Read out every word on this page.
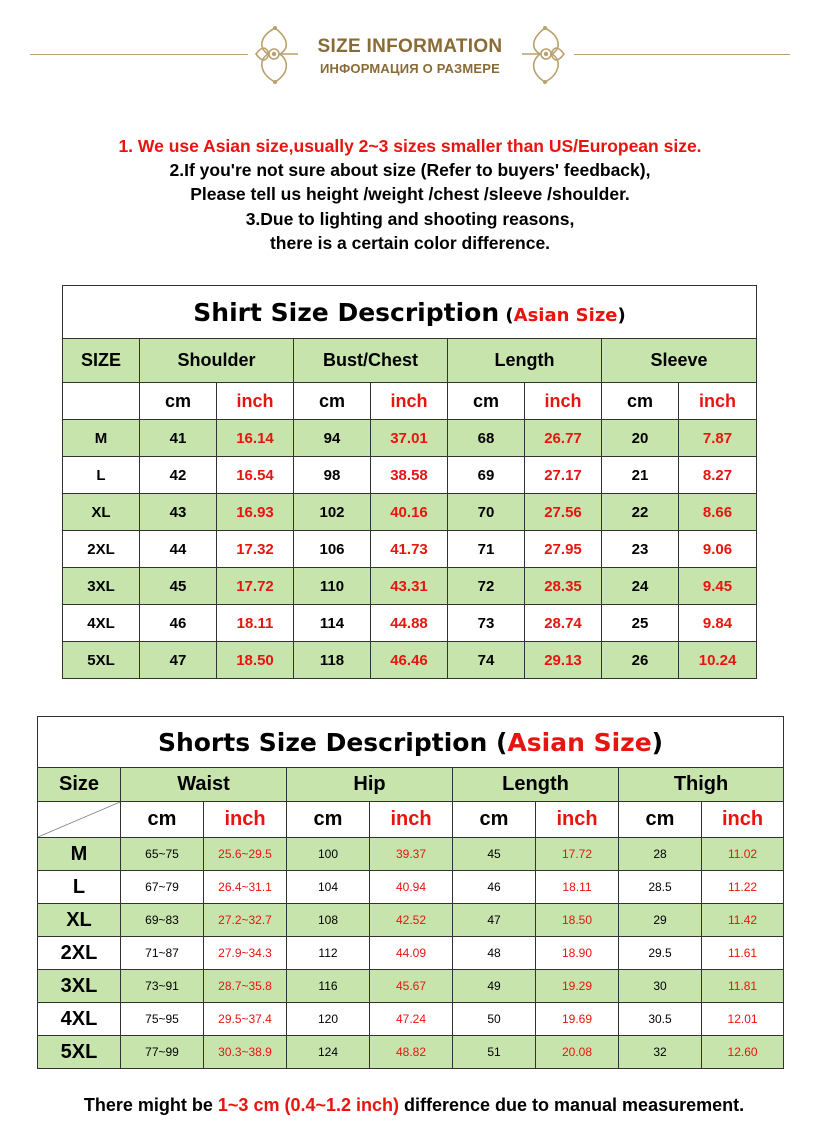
SIZE INFORMATION
ИНФОРМАЦИЯ О РАЗМЕРЕ
1. We use Asian size,usually 2~3 sizes smaller than US/European size.
2.If you're not sure about size (Refer to buyers' feedback),
Please tell us height /weight /chest /sleeve /shoulder.
3.Due to lighting and shooting reasons,
there is a certain color difference.
Shirt Size Description (Asian Size)								
SIZE	Shoulder		Bust/Chest		Length		Sleeve	
	cm	inch	cm	inch	cm	inch	cm	inch
M	41	16.14	94	37.01	68	26.77	20	7.87
L	42	16.54	98	38.58	69	27.17	21	8.27
XL	43	16.93	102	40.16	70	27.56	22	8.66
2XL	44	17.32	106	41.73	71	27.95	23	9.06
3XL	45	17.72	110	43.31	72	28.35	24	9.45
4XL	46	18.11	114	44.88	73	28.74	25	9.84
5XL	47	18.50	118	46.46	74	29.13	26	10.24
Shorts Size Description (Asian Size)								
Size	Waist		Hip		Length		Thigh	
	cm	inch	cm	inch	cm	inch	cm	inch
M	65~75	25.6~29.5	100	39.37	45	17.72	28	11.02
L	67~79	26.4~31.1	104	40.94	46	18.11	28.5	11.22
XL	69~83	27.2~32.7	108	42.52	47	18.50	29	11.42
2XL	71~87	27.9~34.3	112	44.09	48	18.90	29.5	11.61
3XL	73~91	28.7~35.8	116	45.67	49	19.29	30	11.81
4XL	75~95	29.5~37.4	120	47.24	50	19.69	30.5	12.01
5XL	77~99	30.3~38.9	124	48.82	51	20.08	32	12.60
There might be 1~3 cm (0.4~1.2 inch) difference due to manual measurement.
